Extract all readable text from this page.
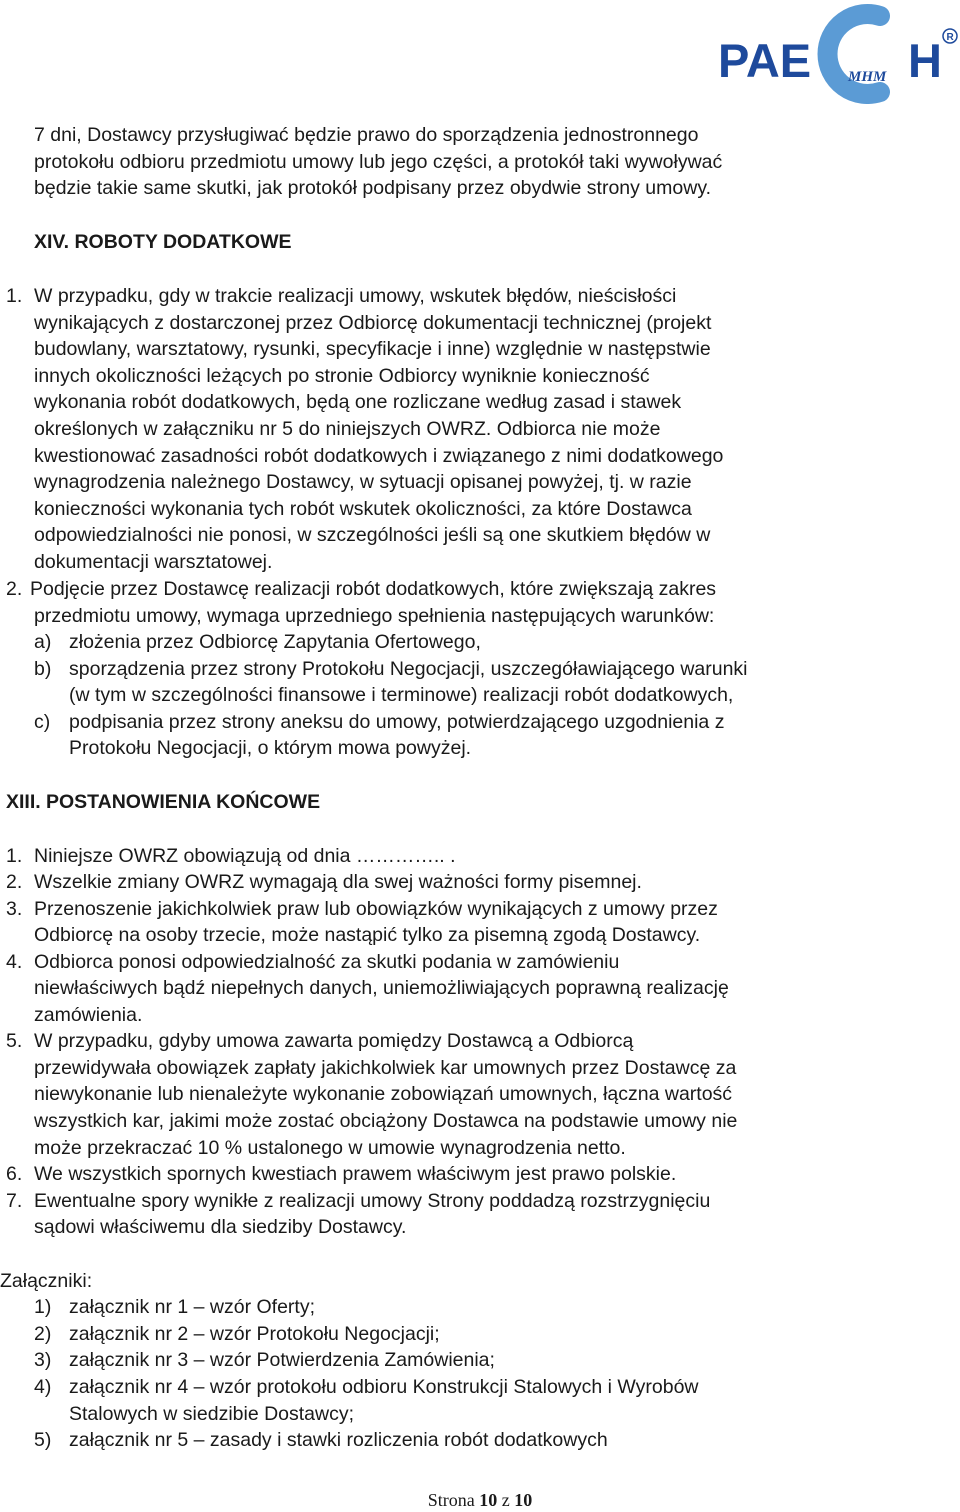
PAE MHM H R
7 dni, Dostawcy przysługiwać będzie prawo do sporządzenia jednostronnego
protokołu odbioru przedmiotu umowy lub jego części, a protokół taki wywoływać
będzie takie same skutki, jak protokół podpisany przez obydwie strony umowy.
XIV. ROBOTY DODATKOWE
1. W przypadku, gdy w trakcie realizacji umowy, wskutek błędów, nieścisłości
wynikających z dostarczonej przez Odbiorcę dokumentacji technicznej (projekt
budowlany, warsztatowy, rysunki, specyfikacje i inne) względnie w następstwie
innych okoliczności leżących po stronie Odbiorcy wyniknie konieczność
wykonania robót dodatkowych, będą one rozliczane według zasad i stawek
określonych w załączniku nr 5 do niniejszych OWRZ. Odbiorca nie może
kwestionować zasadności robót dodatkowych i związanego z nimi dodatkowego
wynagrodzenia należnego Dostawcy, w sytuacji opisanej powyżej, tj. w razie
konieczności wykonania tych robót wskutek okoliczności, za które Dostawca
odpowiedzialności nie ponosi, w szczególności jeśli są one skutkiem błędów w
dokumentacji warsztatowej.
2. Podjęcie przez Dostawcę realizacji robót dodatkowych, które zwiększają zakres
przedmiotu umowy, wymaga uprzedniego spełnienia następujących warunków:
a) złożenia przez Odbiorcę Zapytania Ofertowego,
b) sporządzenia przez strony Protokołu Negocjacji, uszczegóławiającego warunki
(w tym w szczególności finansowe i terminowe) realizacji robót dodatkowych,
c) podpisania przez strony aneksu do umowy, potwierdzającego uzgodnienia z
Protokołu Negocjacji, o którym mowa powyżej.
XIII. POSTANOWIENIA KOŃCOWE
1. Niniejsze OWRZ obowiązują od dnia ………….. .
2. Wszelkie zmiany OWRZ wymagają dla swej ważności formy pisemnej.
3. Przenoszenie jakichkolwiek praw lub obowiązków wynikających z umowy przez
Odbiorcę na osoby trzecie, może nastąpić tylko za pisemną zgodą Dostawcy.
4. Odbiorca ponosi odpowiedzialność za skutki podania w zamówieniu
niewłaściwych bądź niepełnych danych, uniemożliwiających poprawną realizację
zamówienia.
5. W przypadku, gdyby umowa zawarta pomiędzy Dostawcą a Odbiorcą
przewidywała obowiązek zapłaty jakichkolwiek kar umownych przez Dostawcę za
niewykonanie lub nienależyte wykonanie zobowiązań umownych, łączna wartość
wszystkich kar, jakimi może zostać obciążony Dostawca na podstawie umowy nie
może przekraczać 10 % ustalonego w umowie wynagrodzenia netto.
6. We wszystkich spornych kwestiach prawem właściwym jest prawo polskie.
7. Ewentualne spory wynikłe z realizacji umowy Strony poddadzą rozstrzygnięciu
sądowi właściwemu dla siedziby Dostawcy.
Załączniki:
1) załącznik nr 1 – wzór Oferty;
2) załącznik nr 2 – wzór Protokołu Negocjacji;
3) załącznik nr 3 – wzór Potwierdzenia Zamówienia;
4) załącznik nr 4 – wzór protokołu odbioru Konstrukcji Stalowych i Wyrobów
Stalowych w siedzibie Dostawcy;
5) załącznik nr 5 – zasady i stawki rozliczenia robót dodatkowych
Strona 10 z 10
